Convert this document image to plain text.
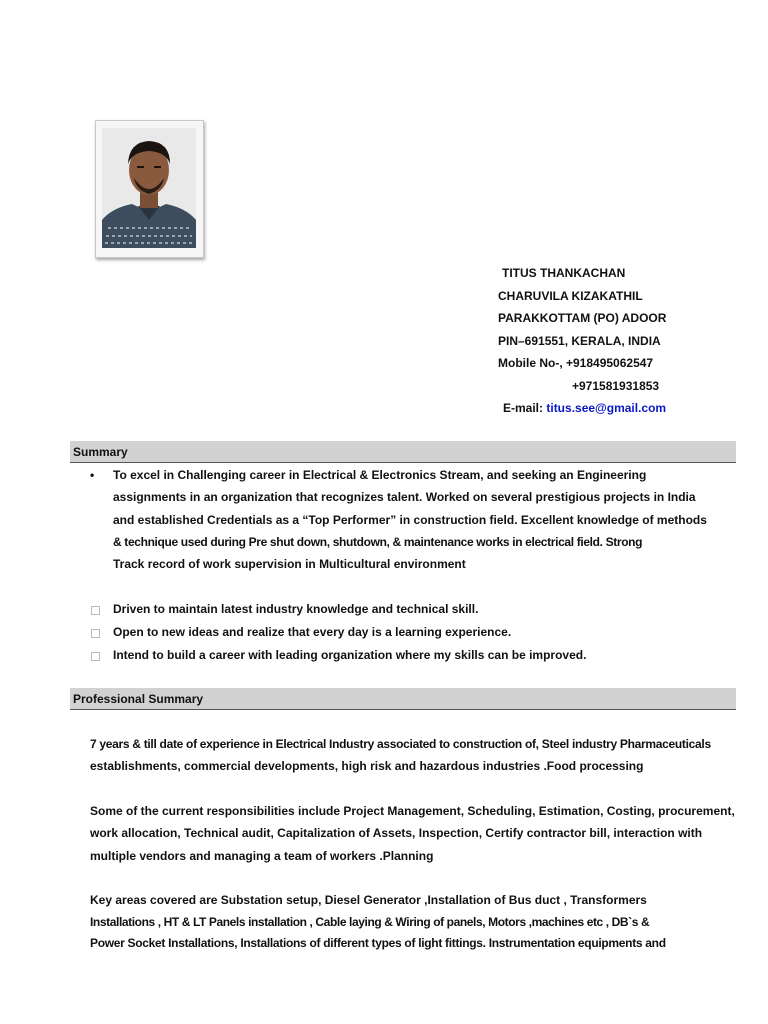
TITUS THANKACHAN
CHARUVILA KIZAKATHIL
PARAKKOTTAM (PO) ADOOR
PIN–691551, KERALA, INDIA
Mobile No-, +918495062547
+971581931853
E-mail: titus.see@gmail.com
Summary
• To excel in Challenging career in Electrical & Electronics Stream, and seeking an Engineering
assignments in an organization that recognizes talent. Worked on several prestigious projects in India
and established Credentials as a “Top Performer” in construction field. Excellent knowledge of methods
& technique used during Pre shut down, shutdown, & maintenance works in electrical field. Strong
Track record of work supervision in Multicultural environment
Driven to maintain latest industry knowledge and technical skill.
Open to new ideas and realize that every day is a learning experience.
Intend to build a career with leading organization where my skills can be improved.
Professional Summary
7 years & till date of experience in Electrical Industry associated to construction of, Steel industry Pharmaceuticals
establishments, commercial developments, high risk and hazardous industries .Food processing
Some of the current responsibilities include Project Management, Scheduling, Estimation, Costing, procurement,
work allocation, Technical audit, Capitalization of Assets, Inspection, Certify contractor bill, interaction with
multiple vendors and managing a team of workers .Planning
Key areas covered are Substation setup, Diesel Generator ,Installation of Bus duct , Transformers
Installations , HT & LT Panels installation , Cable laying & Wiring of panels, Motors ,machines etc , DB`s &
Power Socket Installations, Installations of different types of light fittings. Instrumentation equipments and
